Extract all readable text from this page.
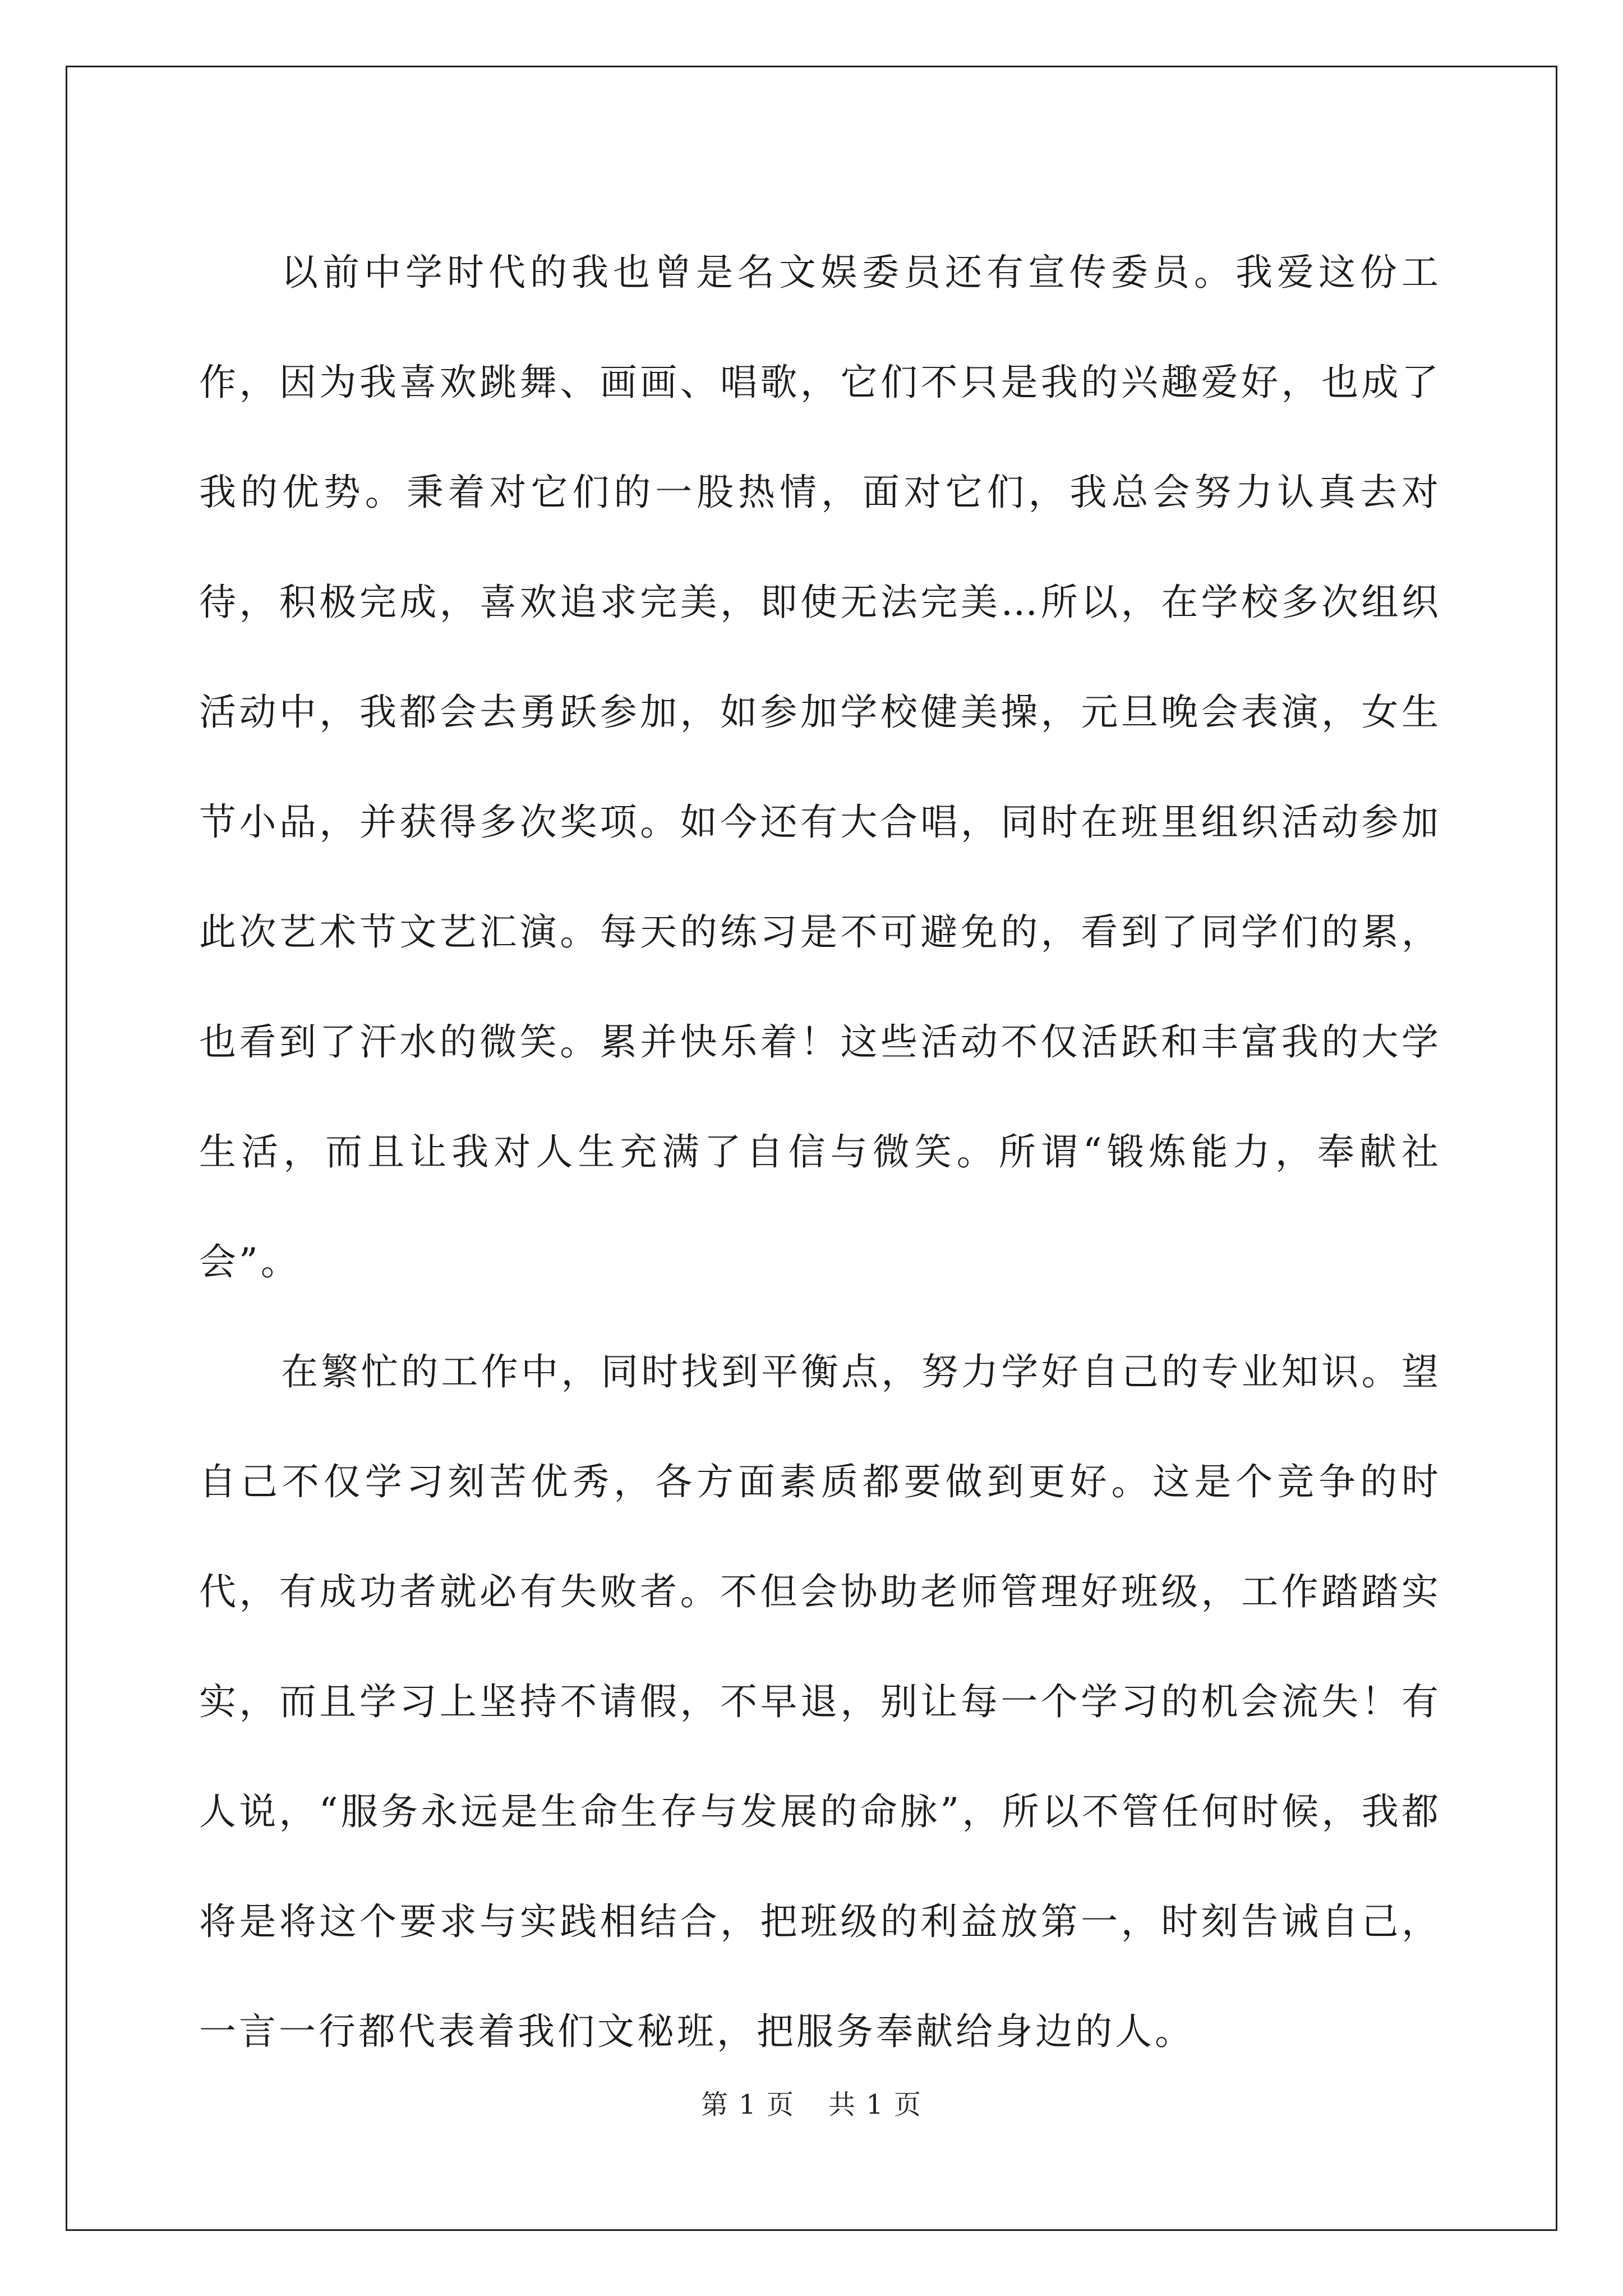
以前中学时代的我也曾是名文娱委员还有宣传委员。我爱这份工作，因为我喜欢跳舞、画画、唱歌，它们不只是我的兴趣爱好，也成了我的优势。秉着对它们的一股热情，面对它们，我总会努力认真去对待，积极完成，喜欢追求完美，即使无法完美…所以，在学校多次组织活动中，我都会去勇跃参加，如参加学校健美操，元旦晚会表演，女生节小品，并获得多次奖项。如今还有大合唱，同时在班里组织活动参加此次艺术节文艺汇演。每天的练习是不可避免的，看到了同学们的累，也看到了汗水的微笑。累并快乐着！这些活动不仅活跃和丰富我的大学生活，而且让我对人生充满了自信与微笑。所谓“锻炼能力，奉献社会”。

在繁忙的工作中，同时找到平衡点，努力学好自己的专业知识。望自己不仅学习刻苦优秀，各方面素质都要做到更好。这是个竞争的时代，有成功者就必有失败者。不但会协助老师管理好班级，工作踏踏实实，而且学习上坚持不请假，不早退，别让每一个学习的机会流失！有人说，“服务永远是生命生存与发展的命脉”，所以不管任何时候，我都将是将这个要求与实践相结合，把班级的利益放第一，时刻告诫自己，一言一行都代表着我们文秘班，把服务奉献给身边的人。

第 1 页 共 1 页
